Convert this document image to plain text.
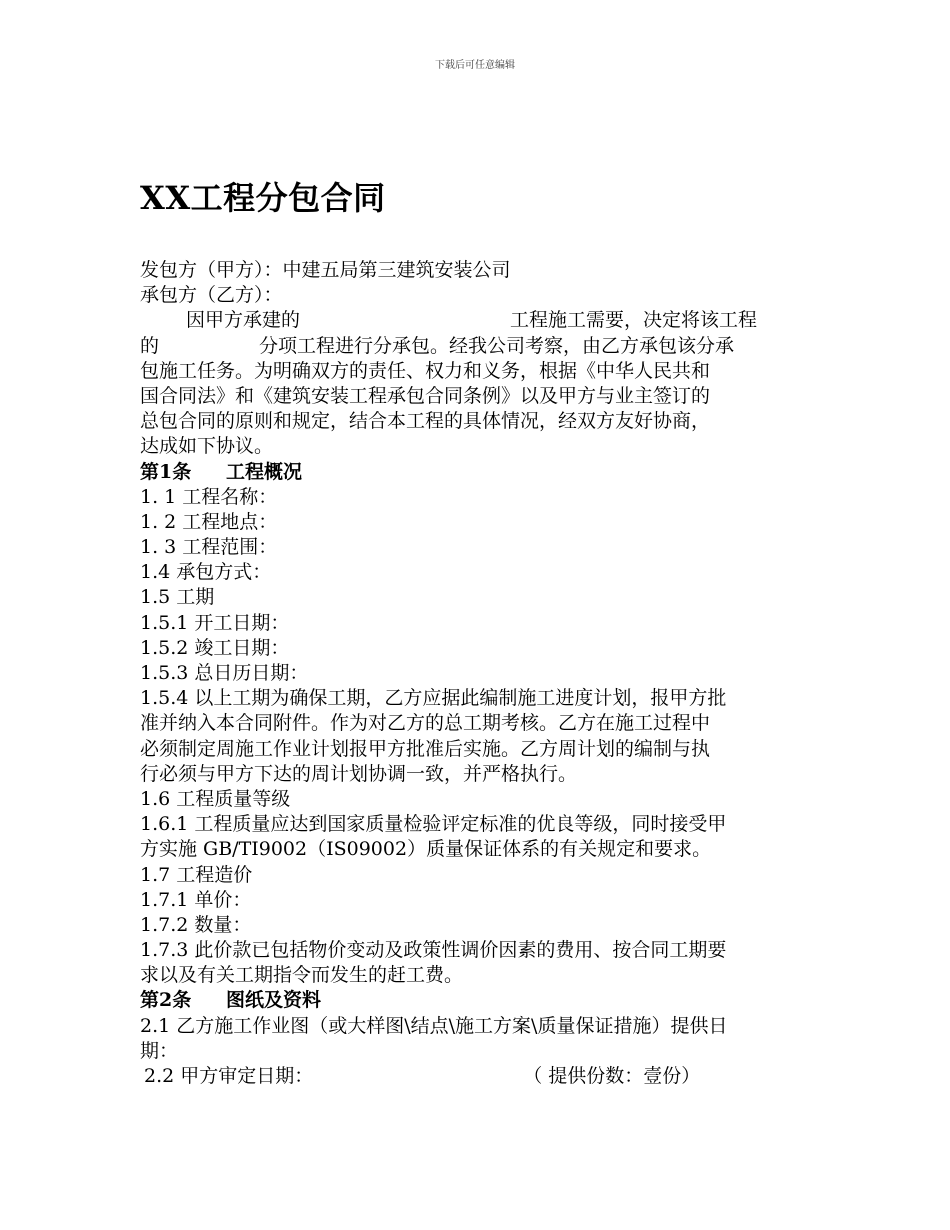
下载后可任意编辑
XX工程分包合同
发包方（甲方）：中建五局第三建筑安装公司
承包方（乙方）：
因甲方承建的	工程施工需要，决定将该工程
的	分项工程进行分承包。经我公司考察，由乙方承包该分承
包施工任务。为明确双方的责任、权力和义务，根据《中华人民共和
国合同法》和《建筑安装工程承包合同条例》以及甲方与业主签订的
总包合同的原则和规定，结合本工程的具体情况，经双方友好协商，
达成如下协议。
第1条 工程概况
1. 1 工程名称：
1. 2 工程地点：
1. 3 工程范围：
1.4 承包方式：
1.5 工期
1.5.1 开工日期：
1.5.2 竣工日期：
1.5.3 总日历日期：
1.5.4 以上工期为确保工期，乙方应据此编制施工进度计划，报甲方批
准并纳入本合同附件。作为对乙方的总工期考核。乙方在施工过程中
必须制定周施工作业计划报甲方批准后实施。乙方周计划的编制与执
行必须与甲方下达的周计划协调一致，并严格执行。
1.6 工程质量等级
1.6.1 工程质量应达到国家质量检验评定标准的优良等级，同时接受甲
方实施 GB/TI9002（IS09002）质量保证体系的有关规定和要求。
1.7 工程造价
1.7.1 单价：
1.7.2 数量：
1.7.3 此价款已包括物价变动及政策性调价因素的费用、按合同工期要
求以及有关工期指令而发生的赶工费。
第2条 图纸及资料
2.1 乙方施工作业图（或大样图\结点\施工方案\质量保证措施）提供日
期：
2.2 甲方审定日期：	（ 提供份数：壹份）
